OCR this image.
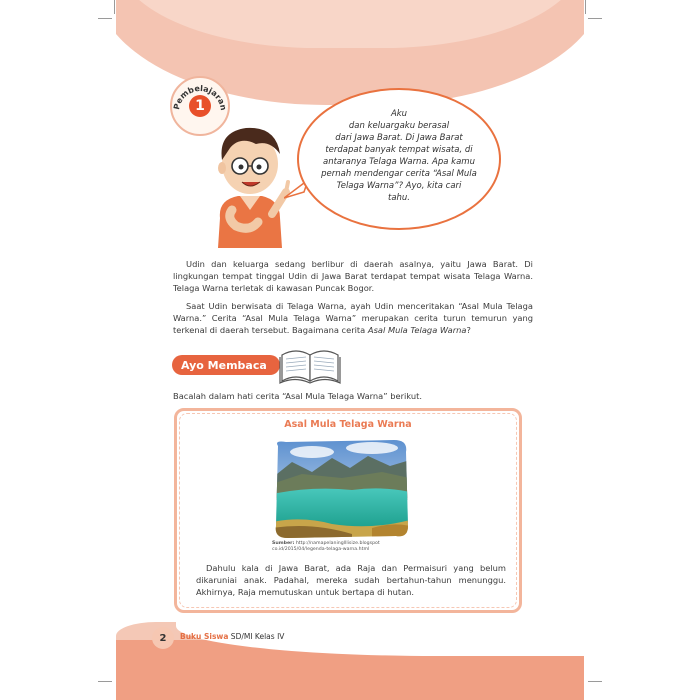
Pembelajaran
1	Aku
dan keluargaku berasal
dari Jawa Barat. Di Jawa Barat
terdapat banyak tempat wisata, di
antaranya Telaga Warna. Apa kamu
pernah mendengar cerita “Asal Mula
Telaga Warna”? Ayo, kita cari
tahu.
Udin dan keluarga sedang berlibur di daerah asalnya, yaitu Jawa Barat. Di lingkungan tempat tinggal Udin di Jawa Barat terdapat tempat wisata Telaga Warna. Telaga Warna terletak di kawasan Puncak Bogor.
Saat Udin berwisata di Telaga Warna, ayah Udin menceritakan “Asal Mula Telaga Warna.” Cerita “Asal Mula Telaga Warna” merupakan cerita turun temurun yang terkenal di daerah tersebut. Bagaimana cerita Asal Mula Telaga Warna?
Ayo Membaca
Bacalah dalam hati cerita “Asal Mula Telaga Warna” berikut.
Asal Mula Telaga Warna
Sumber: http://namapelaninglllisize.blogspot co.id/2015/04/legenda-telaga-warna.html
Dahulu kala di Jawa Barat, ada Raja dan Permaisuri yang belum dikaruniai anak. Padahal, mereka sudah bertahun-tahun menunggu. Akhirnya, Raja memutuskan untuk bertapa di hutan.
2	Buku Siswa SD/MI Kelas IV
